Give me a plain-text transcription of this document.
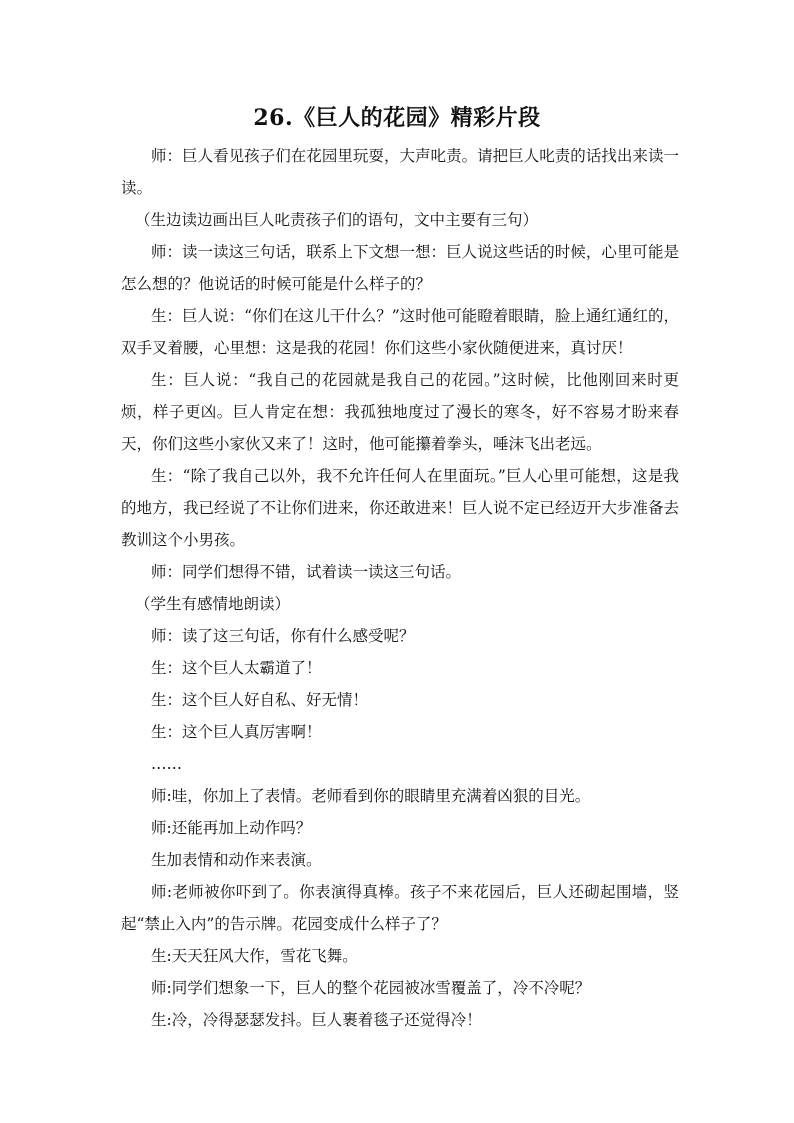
26.《巨人的花园》精彩片段

师：巨人看见孩子们在花园里玩耍，大声叱责。请把巨人叱责的话找出来读一读。

（生边读边画出巨人叱责孩子们的语句，文中主要有三句）

师：读一读这三句话，联系上下文想一想：巨人说这些话的时候，心里可能是怎么想的？他说话的时候可能是什么样子的？

生：巨人说：“你们在这儿干什么？”这时他可能瞪着眼睛，脸上通红通红的，双手叉着腰，心里想：这是我的花园！你们这些小家伙随便进来，真讨厌！

生：巨人说：“我自己的花园就是我自己的花园。”这时候，比他刚回来时更烦，样子更凶。巨人肯定在想：我孤独地度过了漫长的寒冬，好不容易才盼来春天，你们这些小家伙又来了！这时，他可能攥着拳头，唾沫飞出老远。

生：“除了我自己以外，我不允许任何人在里面玩。”巨人心里可能想，这是我的地方，我已经说了不让你们进来，你还敢进来！巨人说不定已经迈开大步准备去教训这个小男孩。

师：同学们想得不错，试着读一读这三句话。

（学生有感情地朗读）

师：读了这三句话，你有什么感受呢？

生：这个巨人太霸道了！

生：这个巨人好自私、好无情！

生：这个巨人真厉害啊！

……

师:哇，你加上了表情。老师看到你的眼睛里充满着凶狠的目光。

师:还能再加上动作吗？

生加表情和动作来表演。

师:老师被你吓到了。你表演得真棒。孩子不来花园后，巨人还砌起围墙，竖起“禁止入内”的告示牌。花园变成什么样子了？

生:天天狂风大作，雪花飞舞。

师:同学们想象一下，巨人的整个花园被冰雪覆盖了，冷不冷呢？

生:冷，冷得瑟瑟发抖。巨人裹着毯子还觉得冷！
